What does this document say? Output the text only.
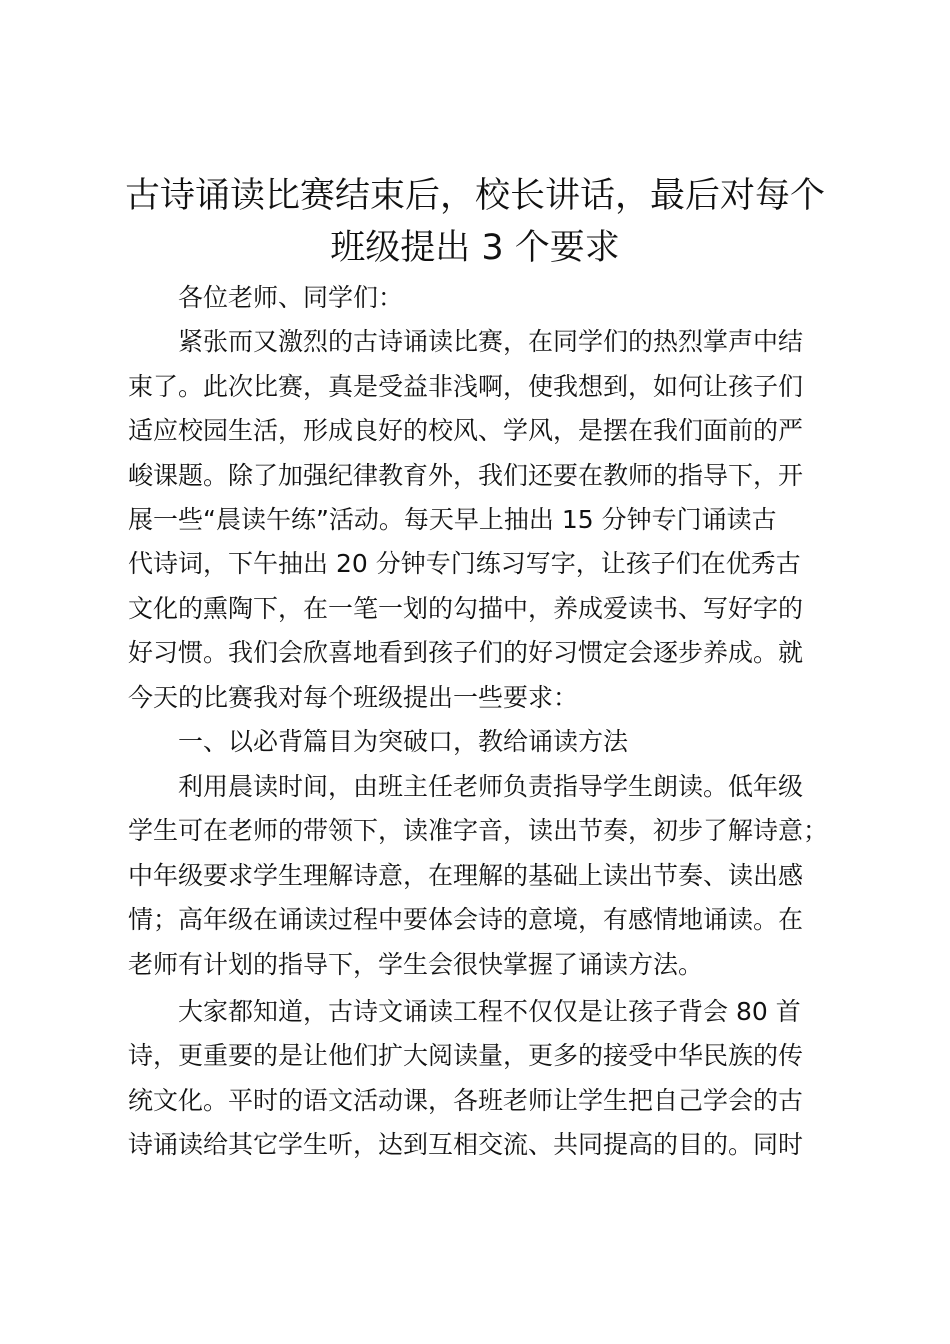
古诗诵读比赛结束后，校长讲话，最后对每个
班级提出 3 个要求

各位老师、同学们：

紧张而又激烈的古诗诵读比赛，在同学们的热烈掌声中结

束了。此次比赛，真是受益非浅啊，使我想到，如何让孩子们

适应校园生活，形成良好的校风、学风，是摆在我们面前的严

峻课题。除了加强纪律教育外，我们还要在教师的指导下，开

展一些“晨读午练”活动。每天早上抽出 15 分钟专门诵读古

代诗词，下午抽出 20 分钟专门练习写字，让孩子们在优秀古

文化的熏陶下，在一笔一划的勾描中，养成爱读书、写好字的

好习惯。我们会欣喜地看到孩子们的好习惯定会逐步养成。就

今天的比赛我对每个班级提出一些要求：

一、以必背篇目为突破口，教给诵读方法

利用晨读时间，由班主任老师负责指导学生朗读。低年级

学生可在老师的带领下，读准字音，读出节奏，初步了解诗意；

中年级要求学生理解诗意，在理解的基础上读出节奏、读出感

情；高年级在诵读过程中要体会诗的意境，有感情地诵读。在

老师有计划的指导下，学生会很快掌握了诵读方法。

大家都知道，古诗文诵读工程不仅仅是让孩子背会 80 首

诗，更重要的是让他们扩大阅读量，更多的接受中华民族的传

统文化。平时的语文活动课，各班老师让学生把自己学会的古

诗诵读给其它学生听，达到互相交流、共同提高的目的。同时
